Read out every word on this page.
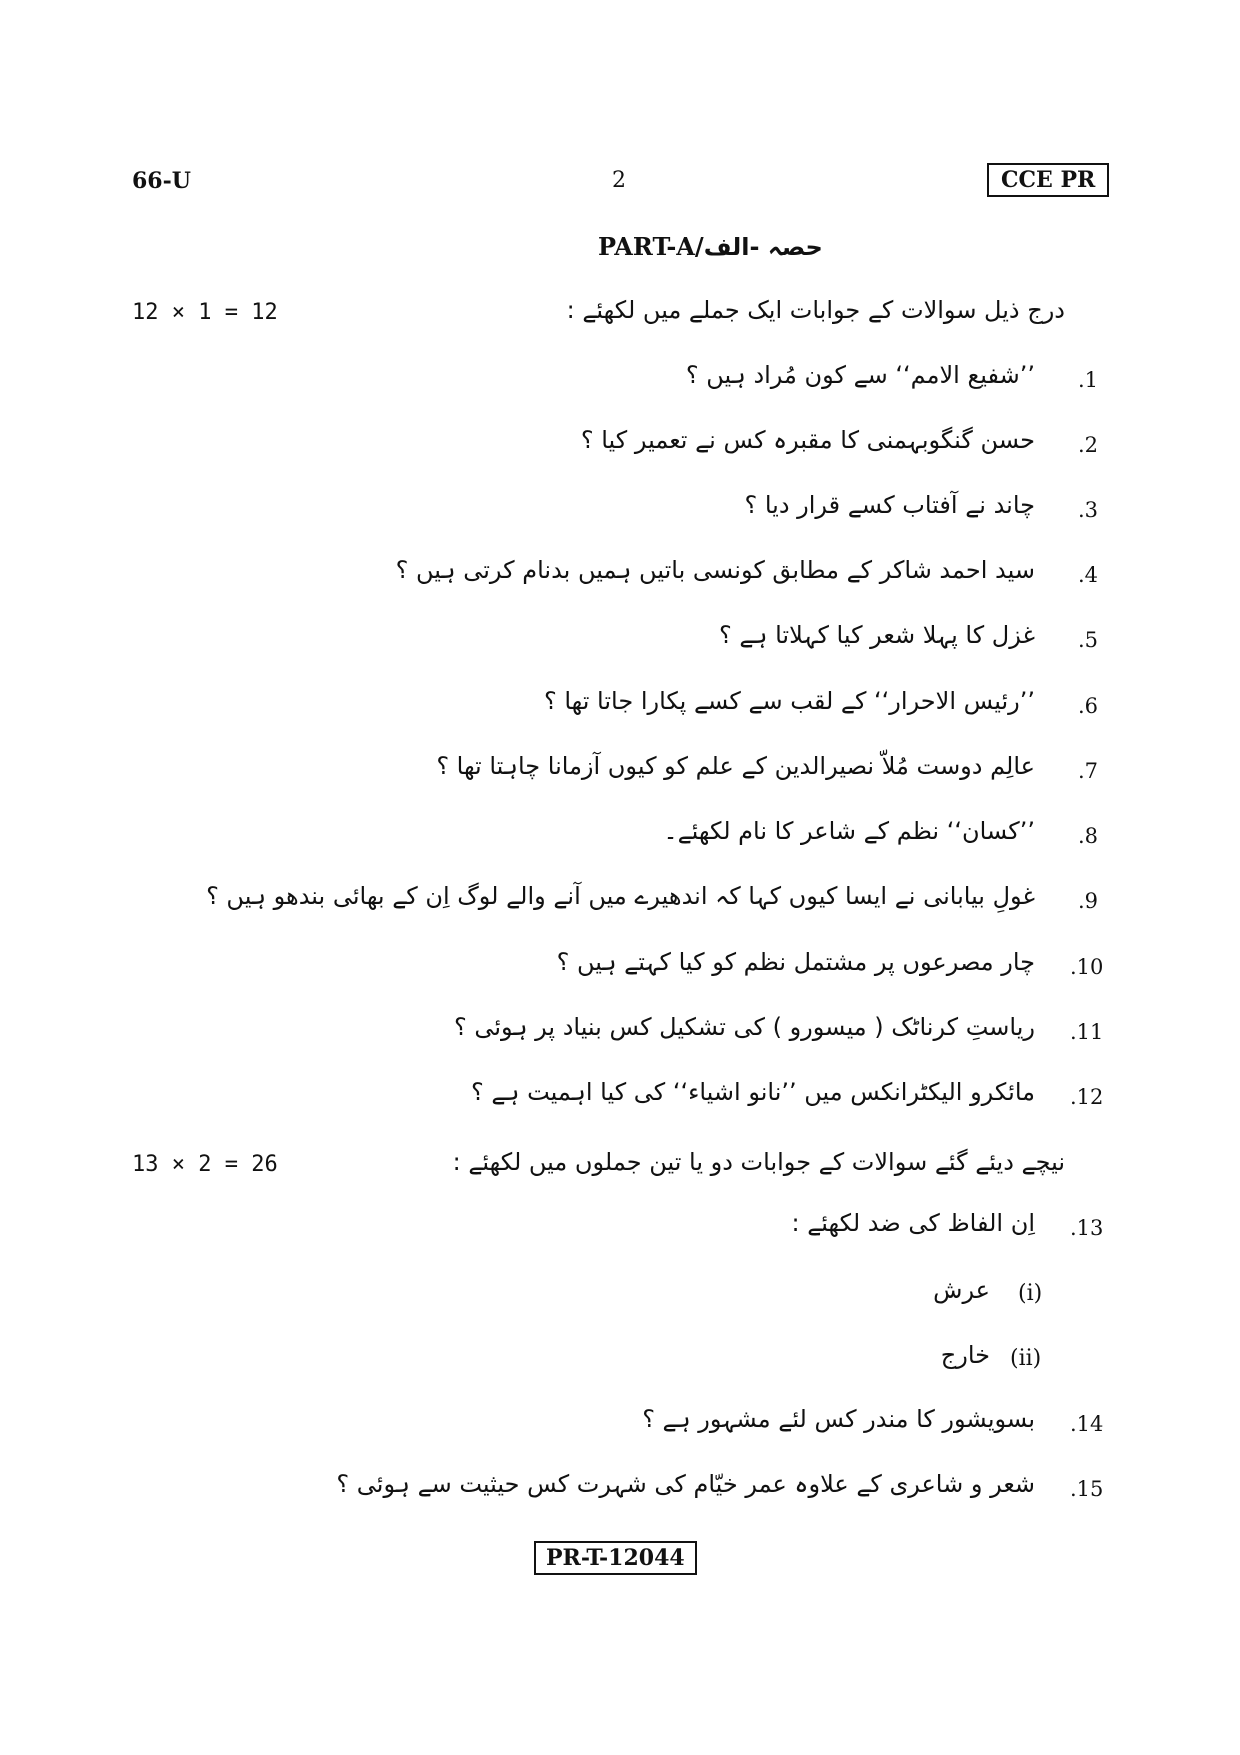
66-U	2	CCE PR
PART-A/حصہ -الف
12 × 1 = 12	درج ذیل سوالات کے جوابات ایک جملے میں لکھئے :
.1
’’شفیع الامم‘‘ سے کون مُراد ہیں ؟
.2
حسن گنگوبہمنی کا مقبرہ کس نے تعمیر کیا ؟
.3
چاند نے آفتاب کسے قرار دیا ؟
.4
سید احمد شاکر کے مطابق کونسی باتیں ہمیں بدنام کرتی ہیں ؟
.5
غزل کا پہلا شعر کیا کہلاتا ہے ؟
.6
’’رئیس الاحرار‘‘ کے لقب سے کسے پکارا جاتا تھا ؟
.7
عالِم دوست مُلاّ نصیرالدین کے علم کو کیوں آزمانا چاہتا تھا ؟
.8
’’کسان‘‘ نظم کے شاعر کا نام لکھئے۔
.9
غولِ بیابانی نے ایسا کیوں کہا کہ اندھیرے میں آنے والے لوگ اِن کے بھائی بندھو ہیں ؟
.10
چار مصرعوں پر مشتمل نظم کو کیا کہتے ہیں ؟
.11
ریاستِ کرناٹک ( میسورو ) کی تشکیل کس بنیاد پر ہوئی ؟
.12
مائکرو الیکٹرانکس میں ’’نانو اشیاء‘‘ کی کیا اہمیت ہے ؟
13 × 2 = 26	نیچے دیئے گئے سوالات کے جوابات دو یا تین جملوں میں لکھئے :
.13
اِن الفاظ کی ضد لکھئے :
(i)
عرش
(ii)
خارج
.14
بسویشور کا مندر کس لئے مشہور ہے ؟
.15
شعر و شاعری کے علاوہ عمر خیّام کی شہرت کس حیثیت سے ہوئی ؟
PR-T-12044
